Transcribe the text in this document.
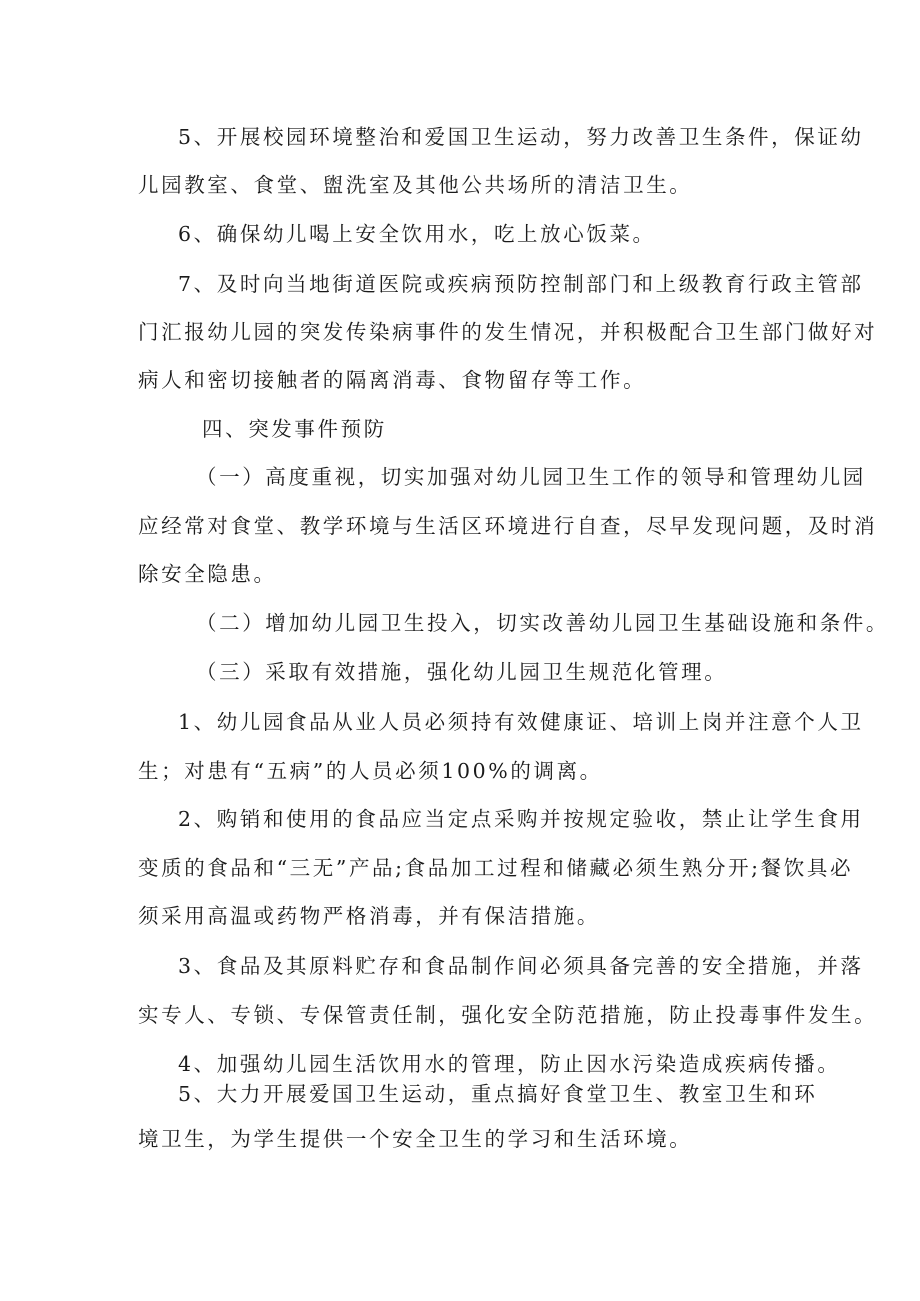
5、开展校园环境整治和爱国卫生运动，努力改善卫生条件，保证幼
儿园教室、食堂、盥洗室及其他公共场所的清洁卫生。
6、确保幼儿喝上安全饮用水，吃上放心饭菜。
7、及时向当地街道医院或疾病预防控制部门和上级教育行政主管部
门汇报幼儿园的突发传染病事件的发生情况，并积极配合卫生部门做好对
病人和密切接触者的隔离消毒、食物留存等工作。
四、突发事件预防
（一）高度重视，切实加强对幼儿园卫生工作的领导和管理幼儿园
应经常对食堂、教学环境与生活区环境进行自查，尽早发现问题，及时消
除安全隐患。
（二）增加幼儿园卫生投入，切实改善幼儿园卫生基础设施和条件。
（三）采取有效措施，强化幼儿园卫生规范化管理。
1、幼儿园食品从业人员必须持有效健康证、培训上岗并注意个人卫
生；对患有“五病”的人员必须100%的调离。
2、购销和使用的食品应当定点采购并按规定验收，禁止让学生食用
变质的食品和“三无”产品;食品加工过程和储藏必须生熟分开;餐饮具必
须采用高温或药物严格消毒，并有保洁措施。
3、食品及其原料贮存和食品制作间必须具备完善的安全措施，并落
实专人、专锁、专保管责任制，强化安全防范措施，防止投毒事件发生。
4、加强幼儿园生活饮用水的管理，防止因水污染造成疾病传播。
5、大力开展爱国卫生运动，重点搞好食堂卫生、教室卫生和环
境卫生，为学生提供一个安全卫生的学习和生活环境。
